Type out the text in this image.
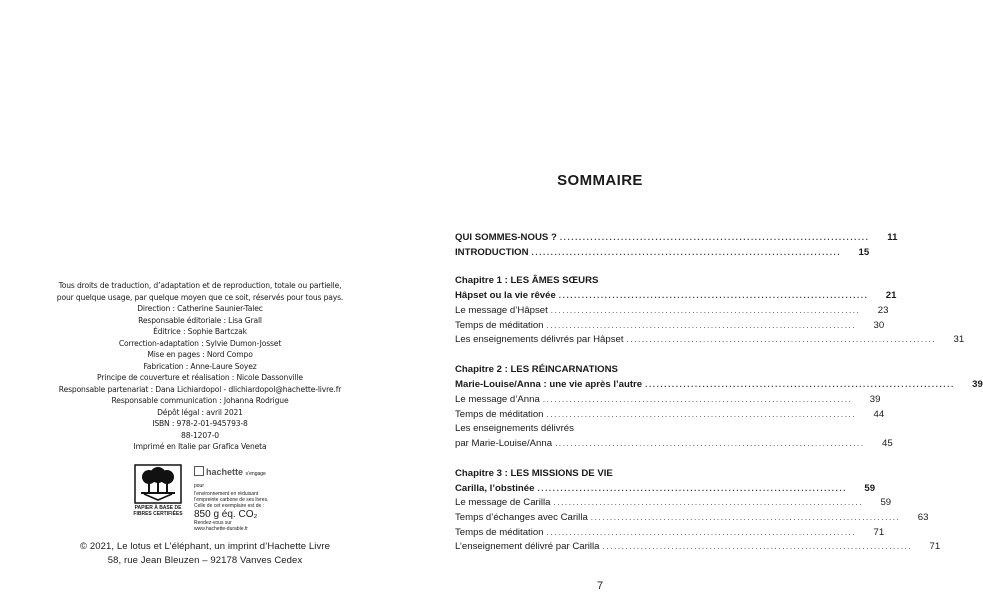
Tous droits de traduction, d’adaptation et de reproduction, totale ou partielle,
pour quelque usage, par quelque moyen que ce soit, réservés pour tous pays.
Direction : Catherine Saunier-Talec
Responsable éditoriale : Lisa Grall
Éditrice : Sophie Bartczak
Correction-adaptation : Sylvie Dumon-Josset
Mise en pages : Nord Compo
Fabrication : Anne-Laure Soyez
Principe de couverture et réalisation : Nicole Dassonville
Responsable partenariat : Dana Lichiardopol - dlichiardopol@hachette-livre.fr
Responsable communication : Johanna Rodrigue
Dépôt légal : avril 2021
ISBN : 978-2-01-945793-8
88-1207-0
Imprimé en Italie par Grafica Veneta
PAPIER À BASE DE
FIBRES CERTIFIÉES
hachette s’engage pour
l’environnement en réduisant
l’empreinte carbone de ses livres.
Celle de cet exemplaire est de :
850 g éq. CO₂
Rendez-vous sur
www.hachette-durable.fr
© 2021, Le lotus et L’éléphant, un imprint d’Hachette Livre
58, rue Jean Bleuzen – 92178 Vanves Cedex
SOMMAIRE
QUI SOMMES-NOUS ? .................................................................................	11
INTRODUCTION .................................................................................	15
Chapitre 1 : LES ÂMES SŒURS
Hâpset ou la vie rêvée .................................................................................	21
Le message d’Hâpset .................................................................................	23
Temps de méditation .................................................................................	30
Les enseignements délivrés par Hâpset .................................................................................	31
Chapitre 2 : LES RÉINCARNATIONS
Marie-Louise/Anna : une vie après l’autre .................................................................................	39
Le message d’Anna .................................................................................	39
Temps de méditation .................................................................................	44
Les enseignements délivrés
par Marie-Louise/Anna .................................................................................	45
Chapitre 3 : LES MISSIONS DE VIE
Carilla, l’obstinée .................................................................................	59
Le message de Carilla .................................................................................	59
Temps d’échanges avec Carilla .................................................................................	63
Temps de méditation .................................................................................	71
L’enseignement délivré par Carilla .................................................................................	71
7
